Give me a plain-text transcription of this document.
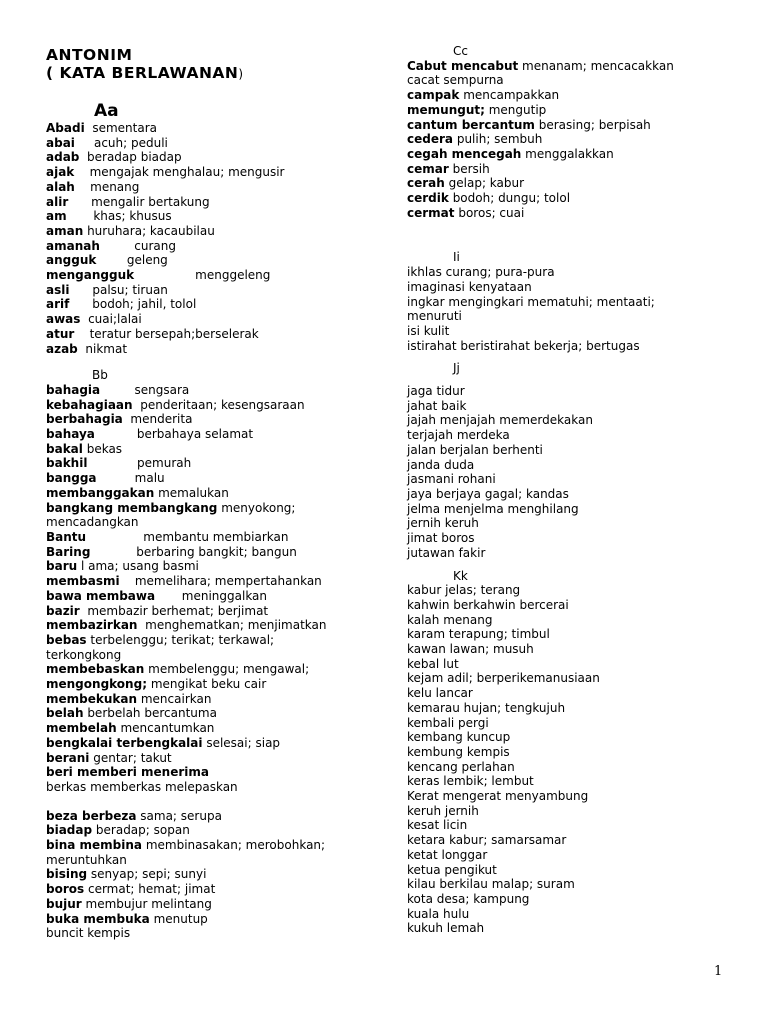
ANTONIM
( KATA BERLAWANAN)
Aa
Abadi sementara
abai acuh; peduli
adab beradap biadap
ajak mengajak menghalau; mengusir
alah menang
alir mengalir bertakung
am khas; khusus
aman huruhara; kacaubilau
amanah	curang
angguk	geleng
mengangguk	menggeleng
asli palsu; tiruan
arif bodoh; jahil, tolol
awas cuai;lalai
atur teratur bersepah;berselerak
azab nikmat
Bb
bahagia	sengsara
kebahagiaan penderitaan; kesengsaraan
berbahagia menderita
bahaya	berbahaya selamat
bakal bekas
bakhil	pemurah
bangga	malu
membanggakan memalukan
bangkang membangkang menyokong;
mencadangkan
Bantu	membantu membiarkan
Baring	berbaring bangkit; bangun
baru l ama; usang basmi
membasmi memelihara; mempertahankan
bawa membawa meninggalkan
bazir membazir berhemat; berjimat
membazirkan menghematkan; menjimatkan
bebas terbelenggu; terikat; terkawal;
terkongkong
membebaskan membelenggu; mengawal;
mengongkong; mengikat beku cair
membekukan mencairkan
belah berbelah bercantuma
membelah mencantumkan
bengkalai terbengkalai selesai; siap
berani gentar; takut
beri memberi menerima
berkas memberkas melepaskan
beza berbeza sama; serupa
biadap beradap; sopan
bina membina membinasakan; merobohkan;
meruntuhkan
bising senyap; sepi; sunyi
boros cermat; hemat; jimat
bujur membujur melintang
buka membuka menutup
buncit kempis
Cc
Cabut mencabut menanam; mencacakkan
cacat sempurna
campak mencampakkan
memungut; mengutip
cantum bercantum berasing; berpisah
cedera pulih; sembuh
cegah mencegah menggalakkan
cemar bersih
cerah gelap; kabur
cerdik bodoh; dungu; tolol
cermat boros; cuai
Ii
ikhlas curang; pura-pura
imaginasi kenyataan
ingkar mengingkari mematuhi; mentaati;
menuruti
isi kulit
istirahat beristirahat bekerja; bertugas
Jj
jaga tidur
jahat baik
jajah menjajah memerdekakan
terjajah merdeka
jalan berjalan berhenti
janda duda
jasmani rohani
jaya berjaya gagal; kandas
jelma menjelma menghilang
jernih keruh
jimat boros
jutawan fakir
Kk
kabur jelas; terang
kahwin berkahwin bercerai
kalah menang
karam terapung; timbul
kawan lawan; musuh
kebal lut
kejam adil; berperikemanusiaan
kelu lancar
kemarau hujan; tengkujuh
kembali pergi
kembang kuncup
kembung kempis
kencang perlahan
keras lembik; lembut
Kerat mengerat menyambung
keruh jernih
kesat licin
ketara kabur; samarsamar
ketat longgar
ketua pengikut
kilau berkilau malap; suram
kota desa; kampung
kuala hulu
kukuh lemah
1
